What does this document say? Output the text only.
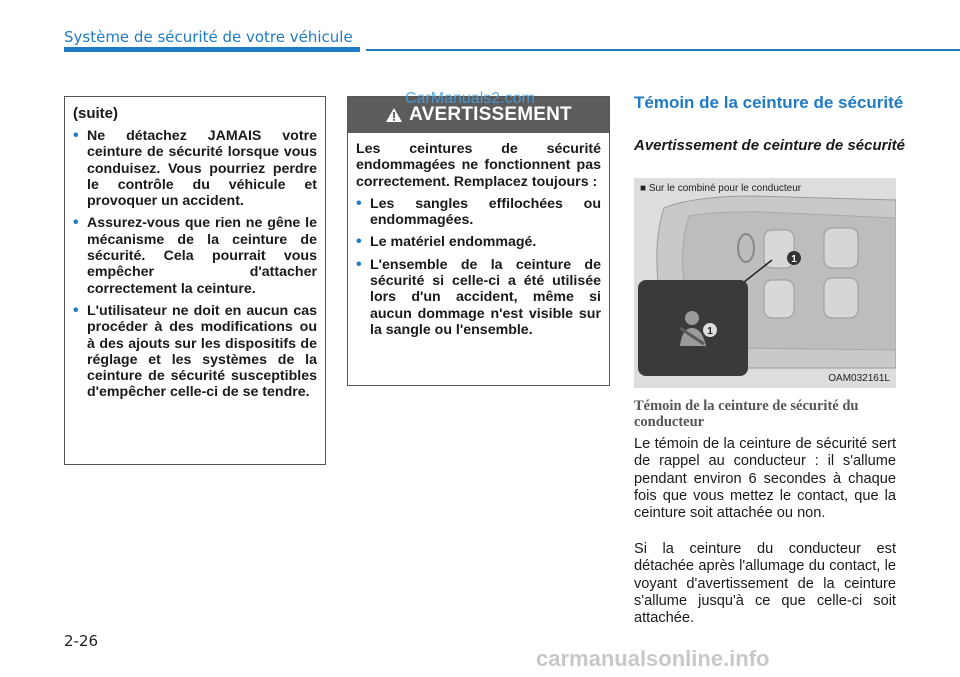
Système de sécurité de votre véhicule
(suite)
• Ne détachez JAMAIS votre ceinture de sécurité lorsque vous conduisez. Vous pourriez perdre le contrôle du véhicule et provoquer un accident.
• Assurez-vous que rien ne gêne le mécanisme de la ceinture de sécurité. Cela pourrait vous empêcher d'attacher correctement la ceinture.
• L'utilisateur ne doit en aucun cas procéder à des modifications ou à des ajouts sur les dispositifs de réglage et les systèmes de la ceinture de sécurité susceptibles d'empêcher celle-ci de se tendre.
AVERTISSEMENT
Les ceintures de sécurité endommagées ne fonctionnent pas correctement. Remplacez toujours :
• Les sangles effilochées ou endommagées.
• Le matériel endommagé.
• L'ensemble de la ceinture de sécurité si celle-ci a été utilisée lors d'un accident, même si aucun dommage n'est visible sur la sangle ou l'ensemble.
Témoin de la ceinture de sécurité
Avertissement de ceinture de sécurité
■ Sur le combiné pour le conducteur
1
1
OAM032161L
Témoin de la ceinture de sécurité du conducteur
Le témoin de la ceinture de sécurité sert de rappel au conducteur : il s'allume pendant environ 6 secondes à chaque fois que vous mettez le contact, que la ceinture soit attachée ou non.
Si la ceinture du conducteur est détachée après l'allumage du contact, le voyant d'avertissement de la ceinture s'allume jusqu'à ce que celle-ci soit attachée.
2-26
CarManuals2.com
carmanualsonline.info
